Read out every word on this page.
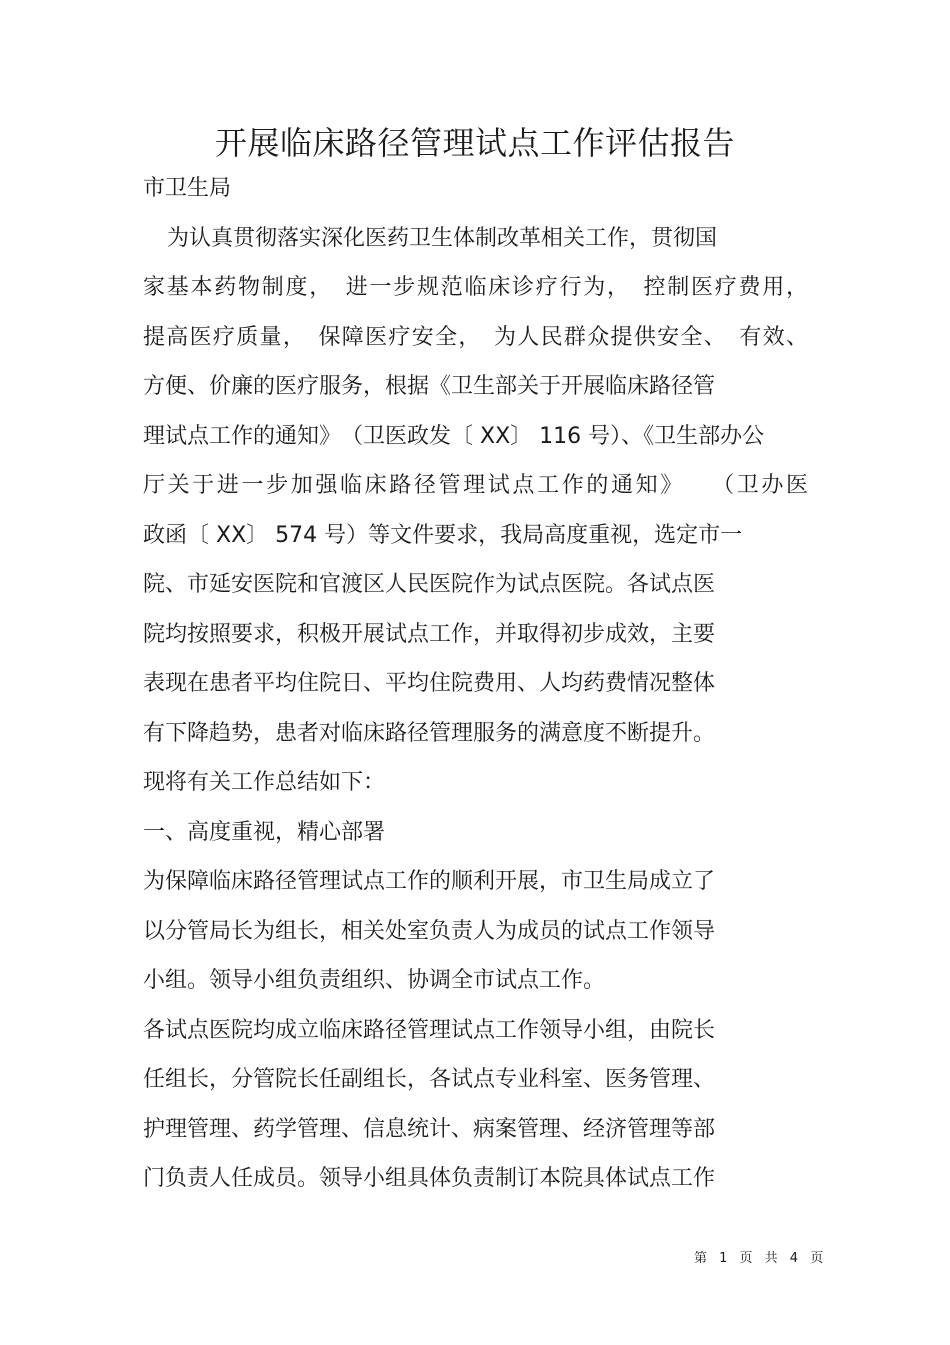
开展临床路径管理试点工作评估报告
市卫生局
为认真贯彻落实深化医药卫生体制改革相关工作，贯彻国
家基本药物制度，　进一步规范临床诊疗行为，　控制医疗费用，
提高医疗质量，　保障医疗安全，　为人民群众提供安全、　有效、
方便、价廉的医疗服务，根据《卫生部关于开展临床路径管
理试点工作的通知》　（卫医政发〔 XX〕 116 号）、《卫生部办公
厅关于进一步加强临床路径管理试点工作的通知》　　（卫办医
政函〔 XX〕 574 号）等文件要求，我局高度重视，选定市一
院、市延安医院和官渡区人民医院作为试点医院。各试点医
院均按照要求，积极开展试点工作，并取得初步成效，主要
表现在患者平均住院日、平均住院费用、人均药费情况整体
有下降趋势，患者对临床路径管理服务的满意度不断提升。
现将有关工作总结如下：
一、高度重视，精心部署
为保障临床路径管理试点工作的顺利开展，市卫生局成立了
以分管局长为组长，相关处室负责人为成员的试点工作领导
小组。领导小组负责组织、协调全市试点工作。
各试点医院均成立临床路径管理试点工作领导小组，由院长
任组长，分管院长任副组长，各试点专业科室、医务管理、
护理管理、药学管理、信息统计、病案管理、经济管理等部
门负责人任成员。领导小组具体负责制订本院具体试点工作
第 1 页 共 4 页
